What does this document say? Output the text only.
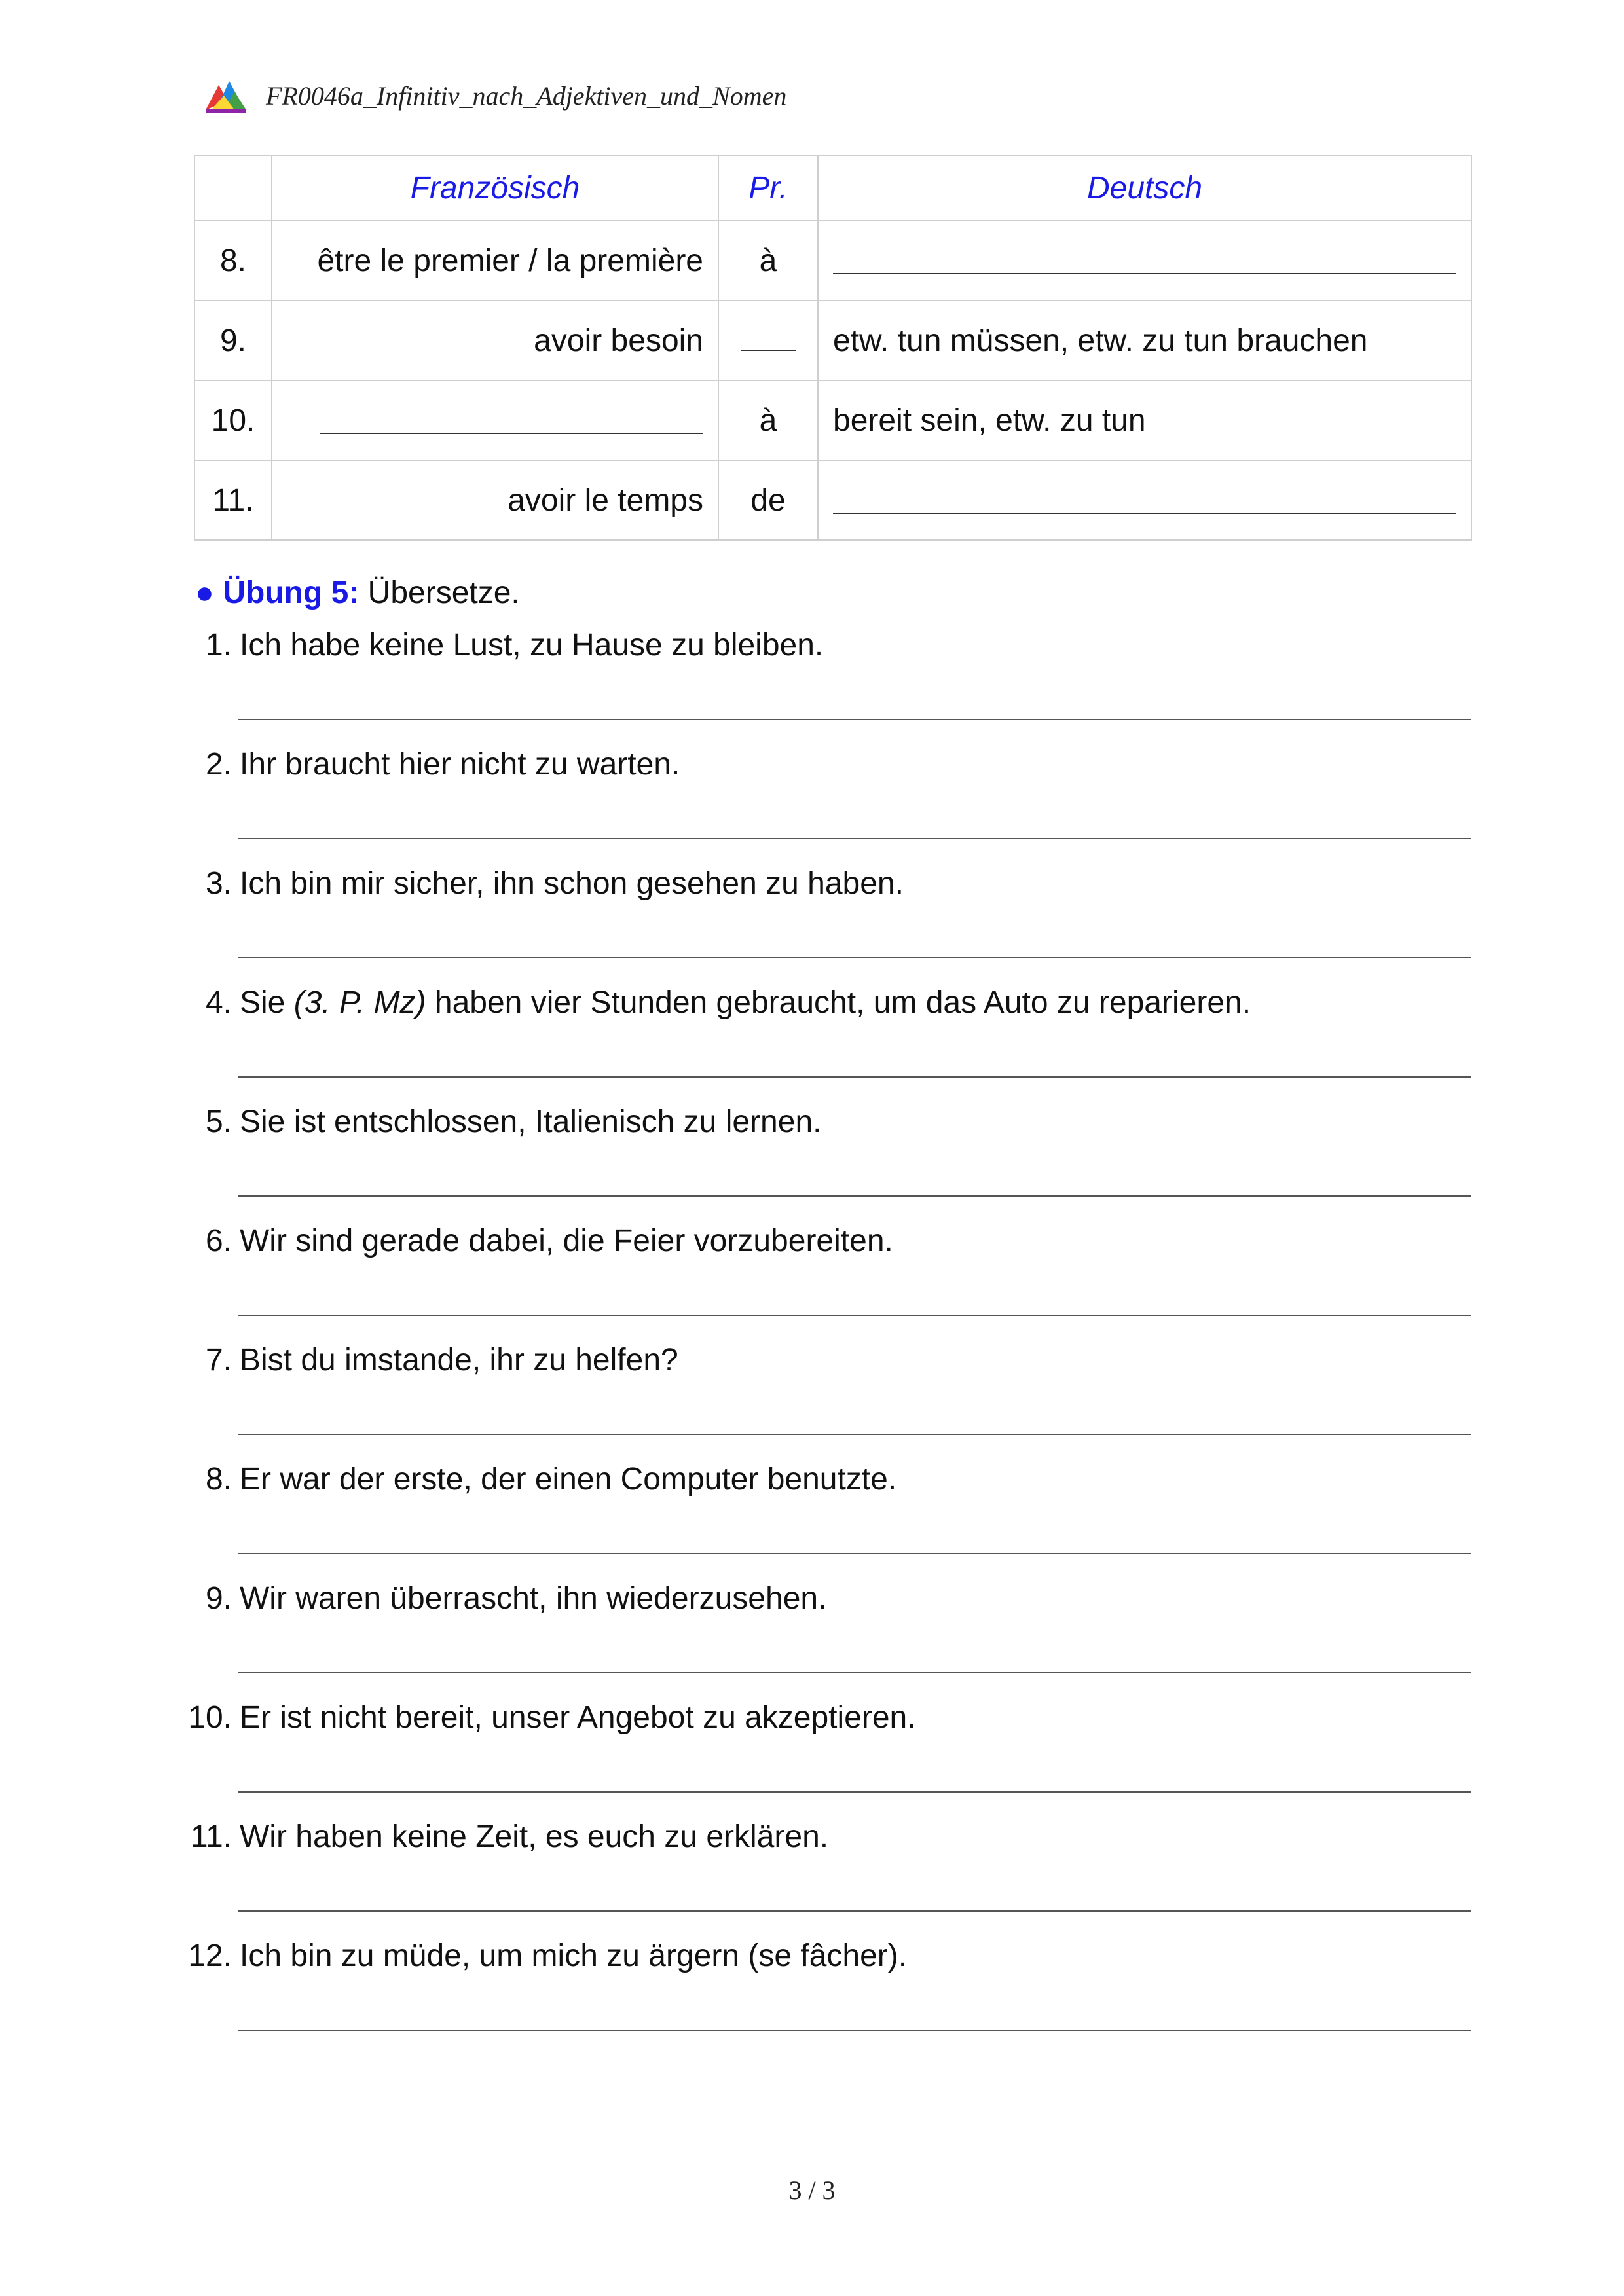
FR0046a_Infinitiv_nach_Adjektiven_und_Nomen
	Französisch	Pr.	Deutsch
8.	être le premier / la première	à	

9.	avoir besoin		etw. tun müssen, etw. zu tun brauchen
10.		à	bereit sein, etw. zu tun
11.	avoir le temps	de	
● Übung 5: Übersetze.
1. Ich habe keine Lust, zu Hause zu bleiben.
2. Ihr braucht hier nicht zu warten.
3. Ich bin mir sicher, ihn schon gesehen zu haben.
4. Sie (3. P. Mz) haben vier Stunden gebraucht, um das Auto zu reparieren.
5. Sie ist entschlossen, Italienisch zu lernen.
6. Wir sind gerade dabei, die Feier vorzubereiten.
7. Bist du imstande, ihr zu helfen?
8. Er war der erste, der einen Computer benutzte.
9. Wir waren überrascht, ihn wiederzusehen.
10. Er ist nicht bereit, unser Angebot zu akzeptieren.
11. Wir haben keine Zeit, es euch zu erklären.
12. Ich bin zu müde, um mich zu ärgern (se fâcher).
3 / 3
